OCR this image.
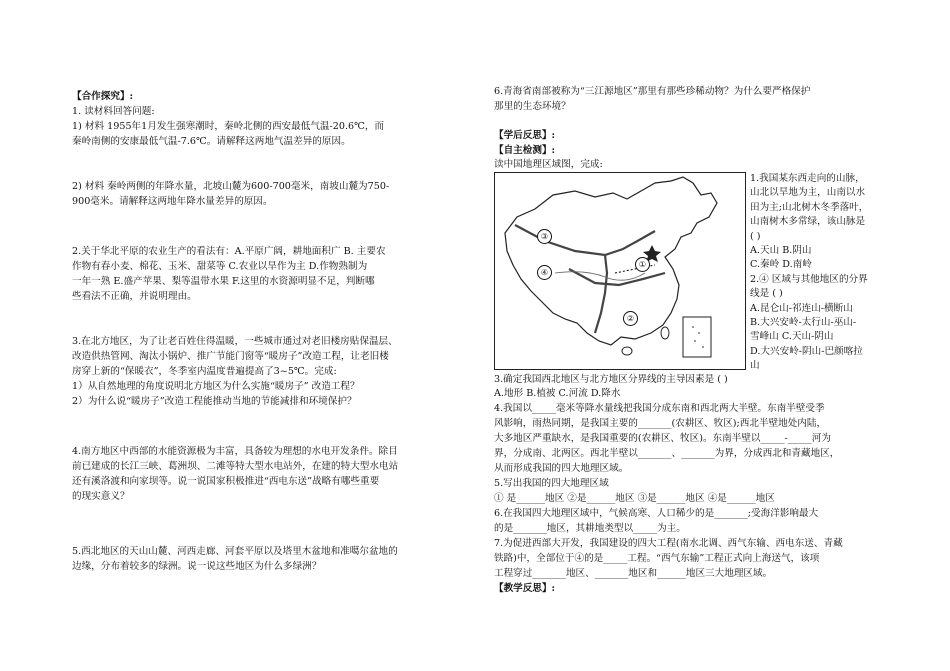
【合作探究】:
1. 读材料回答问题:
1) 材料 1955年1月发生强寒潮时，秦岭北侧的西安最低气温-20.6℃，而
秦岭南侧的安康最低气温-7.6℃。请解释这两地气温差异的原因。
2) 材料 秦岭两侧的年降水量，北坡山麓为600-700毫米，南坡山麓为750-
900毫米。请解释这两地年降水量差异的原因。
2.关于华北平原的农业生产的看法有：A.平原广阔，耕地面积广 B. 主要农
作物有春小麦、棉花、玉米、甜菜等 C.农业以旱作为主 D.作物熟制为
一年一熟 E.盛产苹果、梨等温带水果 F.这里的水资源明显不足，判断哪
些看法不正确，并说明理由。
3.在北方地区，为了让老百姓住得温暖，一些城市通过对老旧楼房贴保温层、
改造供热管网、淘汰小锅炉、推广节能门窗等“暖房子”改造工程，让老旧楼
房穿上新的“保暖衣”，冬季室内温度普遍提高了3~5℃。完成:
1）从自然地理的角度说明北方地区为什么实施“暖房子” 改造工程？
2）为什么说“暖房子”改造工程能推动当地的节能减排和环境保护？
4.南方地区中西部的水能资源极为丰富，具备较为理想的水电开发条件。除目
前已建成的长江三峡、葛洲坝、二滩等特大型水电站外，在建的特大型水电站
还有溪洛渡和向家坝等。说一说国家积极推进“西电东送”战略有哪些重要
的现实意义？
5.西北地区的天山山麓、河西走廊、河套平原以及塔里木盆地和准噶尔盆地的
边缘，分布着较多的绿洲。说一说这些地区为什么多绿洲？
6.青海省南部被称为“三江源地区”那里有那些珍稀动物？为什么要严格保护
那里的生态环境？
【学后反思】:
【自主检测】:
读中国地理区域图，完成:
③
④
①
②
1.我国某东西走向的山脉，
山北以旱地为主，山南以水
田为主;山北树木冬季落叶，
山南树木多常绿，该山脉是
( )
A.天山 B.阴山
C.秦岭 D.南岭
2.④ 区域与其他地区的分界
线是 ( )
A.昆仑山-祁连山-横断山
B.大兴安岭-太行山-巫山-
雪峰山 C.天山-阴山
D.大兴安岭-阴山-巴颜喀拉
山
3.确定我国西北地区与北方地区分界线的主导因素是 ( )
A.地形 B.植被 C.河流 D.降水
4.我国以_____毫米等降水量线把我国分成东南和西北两大半壁。东南半壁受季
风影响，雨热同期，是我国主要的_______(农耕区、牧区);西北半壁地处内陆，
大多地区严重缺水，是我国重要的(农耕区、牧区)。东南半壁以_____-_____河为
界，分成南、北两区。西北半壁以_______、_______为界，分成西北和青藏地区，
从而形成我国的四大地理区域。
5.写出我国的四大地理区域
① 是______地区 ②是______地区 ③是______地区 ④是______地区
6.在我国四大地理区域中，气候高寒、人口稀少的是_______;受海洋影响最大
的是_______地区，其耕地类型以_____为主。
7.为促进西部大开发，我国建设的四大工程(南水北调、西气东输、西电东送、青藏
铁路)中，全部位于④的是_____工程。“西气东输”工程正式向上海送气，该项
工程穿过_______地区、_______地区和______地区三大地理区域。
【教学反思】:
